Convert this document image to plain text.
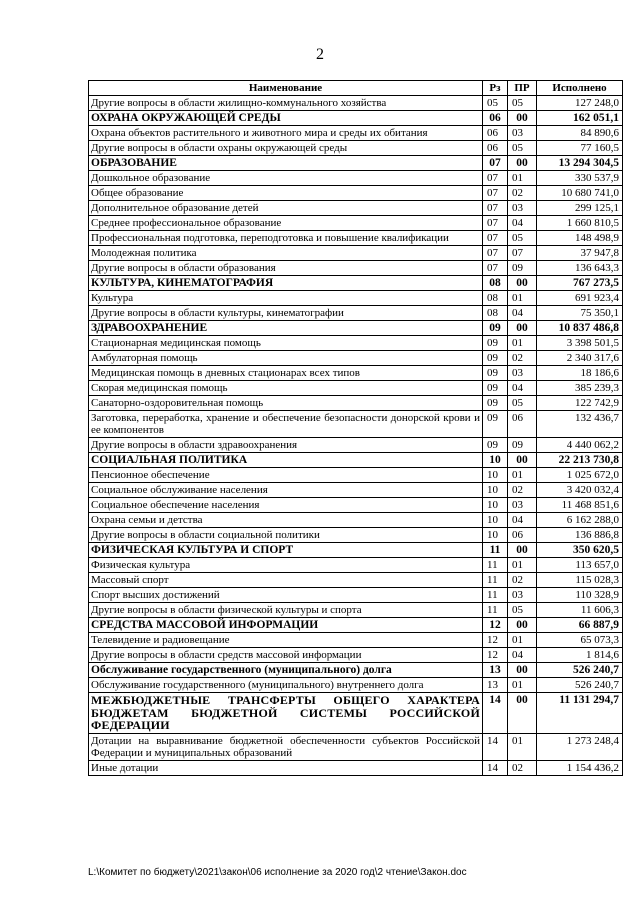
2
Наименование	Рз	ПР	Исполнено
Другие вопросы в области жилищно-коммунального хозяйства	05	05	127 248,0
ОХРАНА ОКРУЖАЮЩЕЙ СРЕДЫ	06	00	162 051,1
Охрана объектов растительного и животного мира и среды их обитания	06	03	84 890,6
Другие вопросы в области охраны окружающей среды	06	05	77 160,5
ОБРАЗОВАНИЕ	07	00	13 294 304,5
Дошкольное образование	07	01	330 537,9
Общее образование	07	02	10 680 741,0
Дополнительное образование детей	07	03	299 125,1
Среднее профессиональное образование	07	04	1 660 810,5
Профессиональная подготовка, переподготовка и повышение квалификации	07	05	148 498,9
Молодежная политика	07	07	37 947,8
Другие вопросы в области образования	07	09	136 643,3
КУЛЬТУРА, КИНЕМАТОГРАФИЯ	08	00	767 273,5
Культура	08	01	691 923,4
Другие вопросы в области культуры, кинематографии	08	04	75 350,1
ЗДРАВООХРАНЕНИЕ	09	00	10 837 486,8
Стационарная медицинская помощь	09	01	3 398 501,5
Амбулаторная помощь	09	02	2 340 317,6
Медицинская помощь в дневных стационарах всех типов	09	03	18 186,6
Скорая медицинская помощь	09	04	385 239,3
Санаторно-оздоровительная помощь	09	05	122 742,9
Заготовка, переработка, хранение и обеспечение безопасности донорской крови и ее компонентов	09	06	132 436,7
Другие вопросы в области здравоохранения	09	09	4 440 062,2
СОЦИАЛЬНАЯ ПОЛИТИКА	10	00	22 213 730,8
Пенсионное обеспечение	10	01	1 025 672,0
Социальное обслуживание населения	10	02	3 420 032,4
Социальное обеспечение населения	10	03	11 468 851,6
Охрана семьи и детства	10	04	6 162 288,0
Другие вопросы в области социальной политики	10	06	136 886,8
ФИЗИЧЕСКАЯ КУЛЬТУРА И СПОРТ	11	00	350 620,5
Физическая культура	11	01	113 657,0
Массовый спорт	11	02	115 028,3
Спорт высших достижений	11	03	110 328,9
Другие вопросы в области физической культуры и спорта	11	05	11 606,3
СРЕДСТВА МАССОВОЙ ИНФОРМАЦИИ	12	00	66 887,9
Телевидение и радиовещание	12	01	65 073,3
Другие вопросы в области средств массовой информации	12	04	1 814,6
Обслуживание государственного (муниципального) долга	13	00	526 240,7
Обслуживание государственного (муниципального) внутреннего долга	13	01	526 240,7
МЕЖБЮДЖЕТНЫЕ ТРАНСФЕРТЫ ОБЩЕГО ХАРАКТЕРА БЮДЖЕТАМ БЮДЖЕТНОЙ СИСТЕМЫ РОССИЙСКОЙ ФЕДЕРАЦИИ	14	00	11 131 294,7
Дотации на выравнивание бюджетной обеспеченности субъектов Российской Федерации и муниципальных образований	14	01	1 273 248,4
Иные дотации	14	02	1 154 436,2
L:\Комитет по бюджету\2021\закон\06 исполнение за 2020 год\2 чтение\Закон.doc
